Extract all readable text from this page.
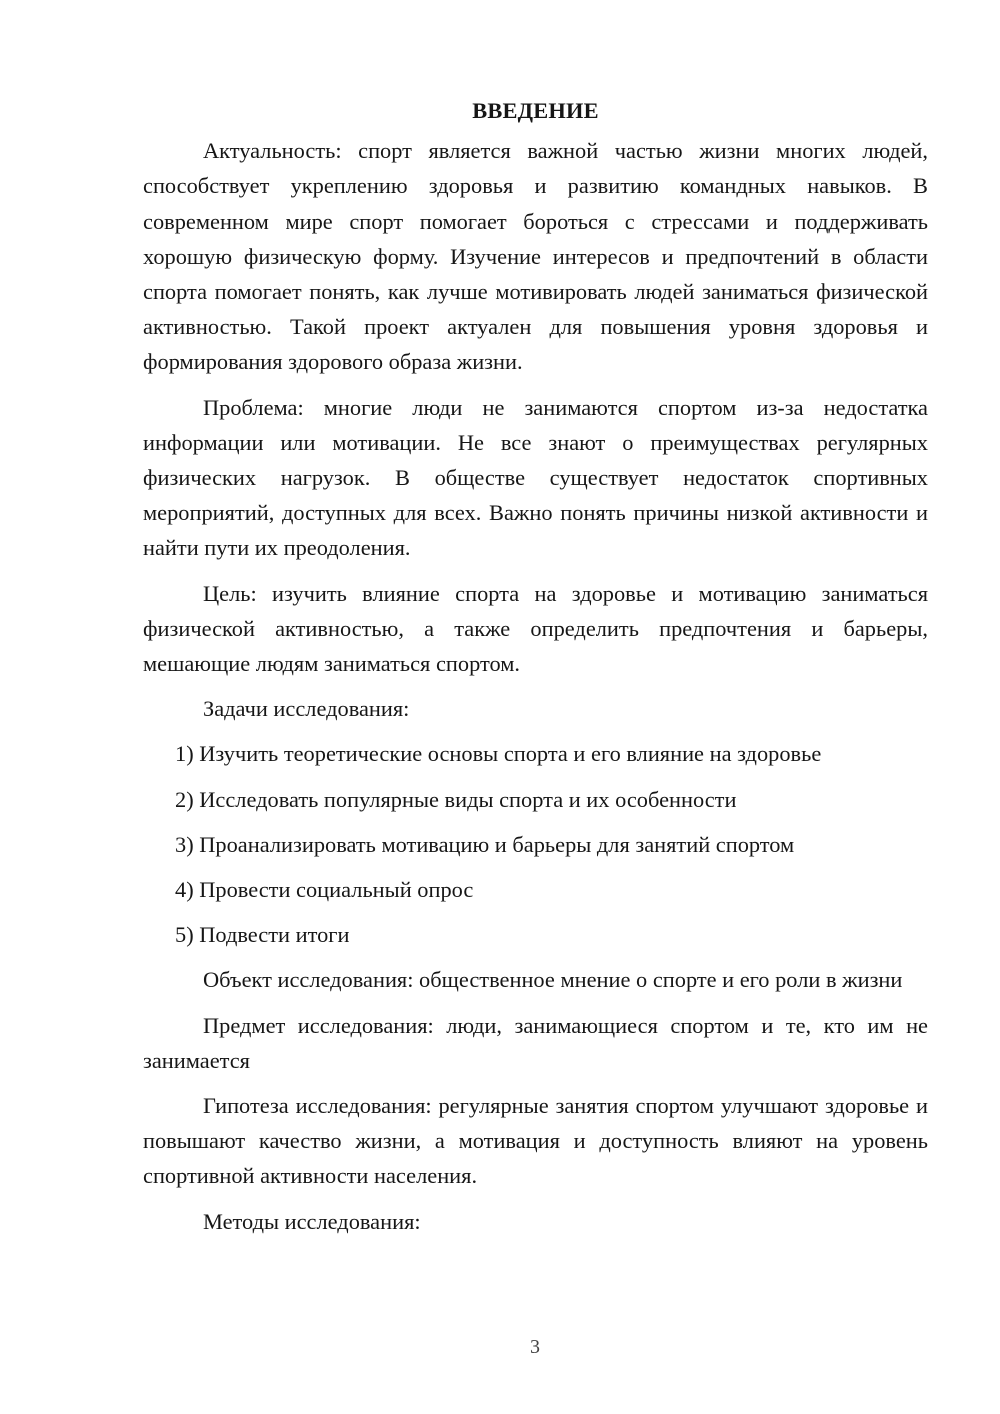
ВВЕДЕНИЕ

Актуальность: спорт является важной частью жизни многих людей, способствует укреплению здоровья и развитию командных навыков. В современном мире спорт помогает бороться с стрессами и поддерживать хорошую физическую форму. Изучение интересов и предпочтений в области спорта помогает понять, как лучше мотивировать людей заниматься физической активностью. Такой проект актуален для повышения уровня здоровья и формирования здорового образа жизни.

Проблема: многие люди не занимаются спортом из-за недостатка информации или мотивации. Не все знают о преимуществах регулярных физических нагрузок. В обществе существует недостаток спортивных мероприятий, доступных для всех. Важно понять причины низкой активности и найти пути их преодоления.

Цель: изучить влияние спорта на здоровье и мотивацию заниматься физической активностью, а также определить предпочтения и барьеры, мешающие людям заниматься спортом.

Задачи исследования:

1) Изучить теоретические основы спорта и его влияние на здоровье
2) Исследовать популярные виды спорта и их особенности
3) Проанализировать мотивацию и барьеры для занятий спортом
4) Провести социальный опрос
5) Подвести итоги

Объект исследования: общественное мнение о спорте и его роли в жизни

Предмет исследования: люди, занимающиеся спортом и те, кто им не занимается

Гипотеза исследования: регулярные занятия спортом улучшают здоровье и повышают качество жизни, а мотивация и доступность влияют на уровень спортивной активности населения.

Методы исследования:

3
